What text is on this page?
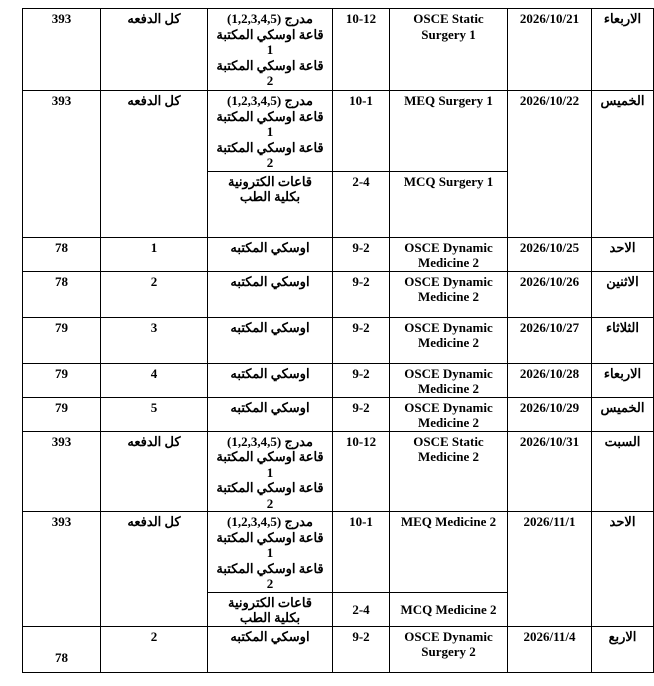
393	كل الدفعه	مدرج (1,2,3,4,5)
قاعة اوسكي المكتبة
1
قاعة اوسكي المكتبة
2	10-12	OSCE Static
Surgery 1	2026/10/21	الاربعاء
393	كل الدفعه	مدرج (1,2,3,4,5)
قاعة اوسكي المكتبة
1
قاعة اوسكي المكتبة
2	10-1	MEQ Surgery 1	2026/10/22	الخميس

		قاعات الكترونية
بكلية الطب	2-4	MCQ Surgery 1		

78	1	اوسكي المكتبه	9-2	OSCE Dynamic
Medicine 2	2026/10/25	الاحد
78	2	اوسكي المكتبه	9-2	OSCE Dynamic
Medicine 2	2026/10/26	الاثنين
79	3	اوسكي المكتبه	9-2	OSCE Dynamic
Medicine 2	2026/10/27	الثلاثاء
79	4	اوسكي المكتبه	9-2	OSCE Dynamic
Medicine 2	2026/10/28	الاربعاء
79	5	اوسكي المكتبه	9-2	OSCE Dynamic
Medicine 2	2026/10/29	الخميس
393	كل الدفعه	مدرج (1,2,3,4,5)
قاعة اوسكي المكتبة
1
قاعة اوسكي المكتبة
2	10-12	OSCE Static
Medicine 2	2026/10/31	السبت
393	كل الدفعه	مدرج (1,2,3,4,5)
قاعة اوسكي المكتبة
1
قاعة اوسكي المكتبة
2	10-1	MEQ Medicine 2	2026/11/1	الاحد

		قاعات الكترونية
بكلية الطب	2-4	MCQ Medicine 2		

78	2	اوسكي المكتبه	9-2	OSCE Dynamic
Surgery 2	2026/11/4	الاربع
